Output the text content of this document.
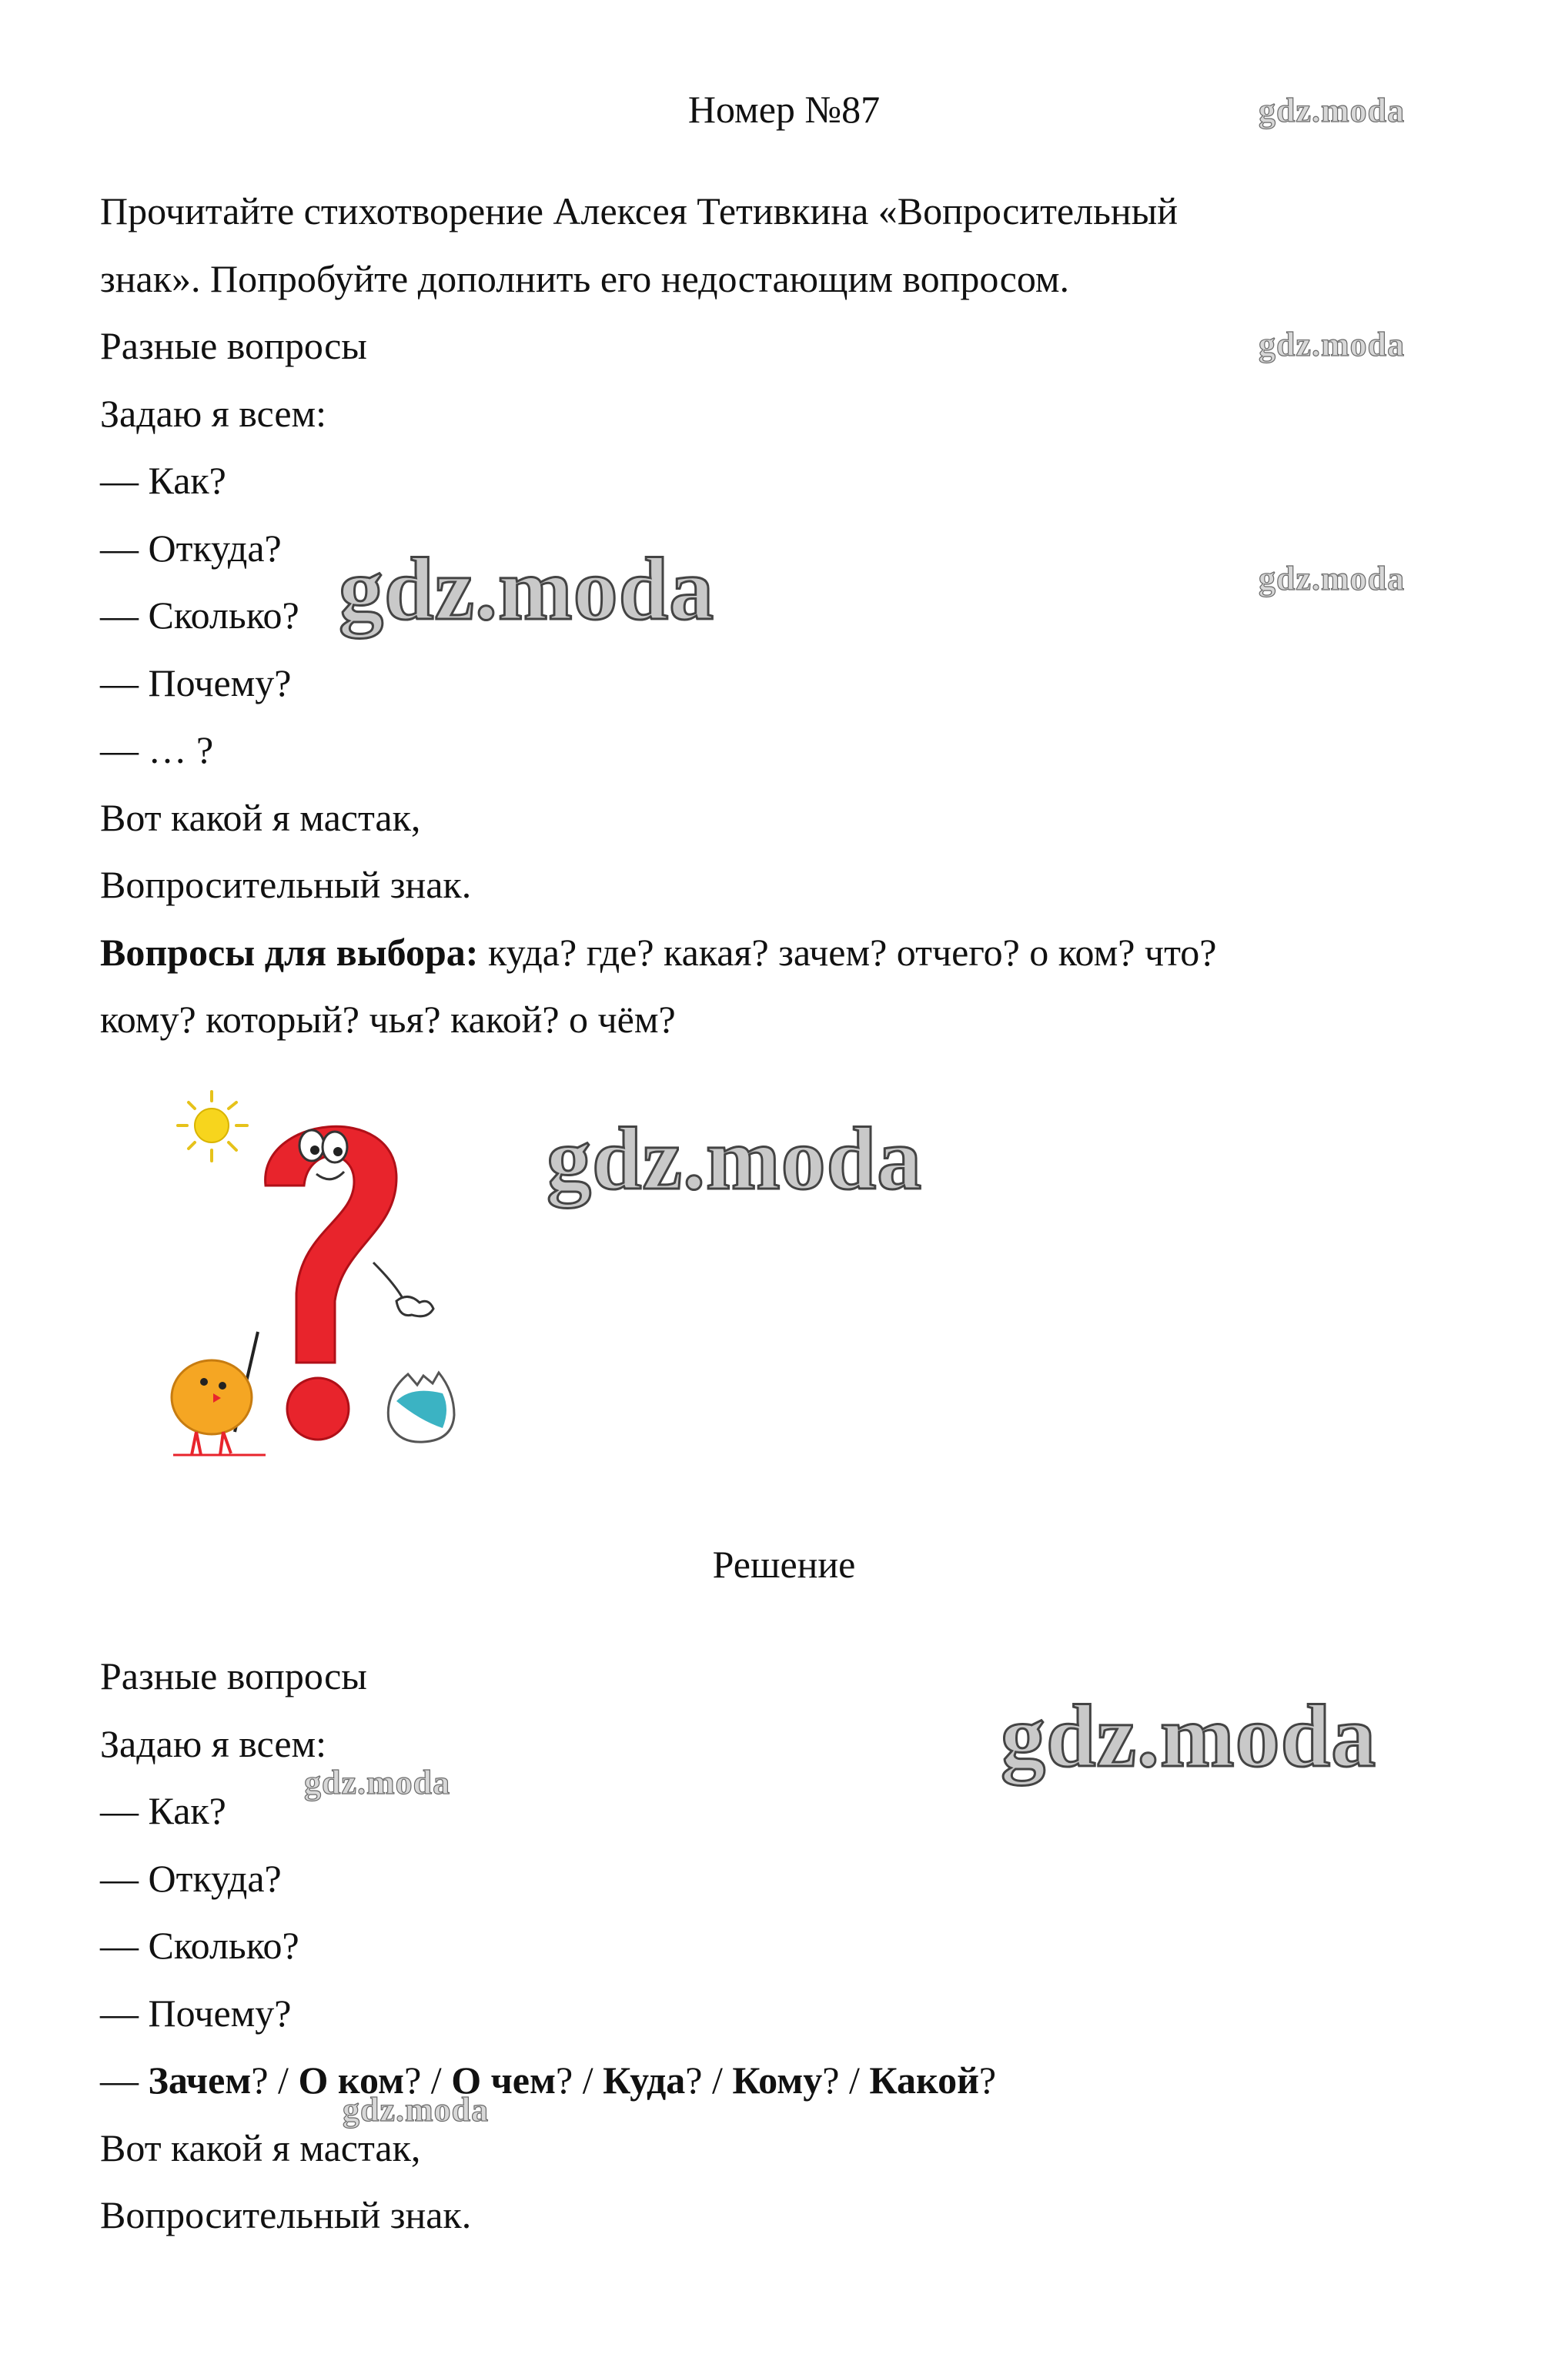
Номер №87
Прочитайте стихотворение Алексея Тетивкина «Вопросительный
знак». Попробуйте дополнить его недостающим вопросом.
Разные вопросы
Задаю я всем:
— Как?
— Откуда?
— Сколько?
— Почему?
— … ?
Вот какой я мастак,
Вопросительный знак.
Вопросы для выбора: куда? где? какая? зачем? отчего? о ком? что?
кому? который? чья? какой? о чём?
Решение
Разные вопросы
Задаю я всем:
— Как?
— Откуда?
— Сколько?
— Почему?
— Зачем? / О ком? / О чем? / Куда? / Кому? / Какой?
Вот какой я мастак,
Вопросительный знак.
gdz.moda
gdz.moda
gdz.moda
gdz.moda
gdz.moda
gdz.moda
gdz.moda
gdz.moda
